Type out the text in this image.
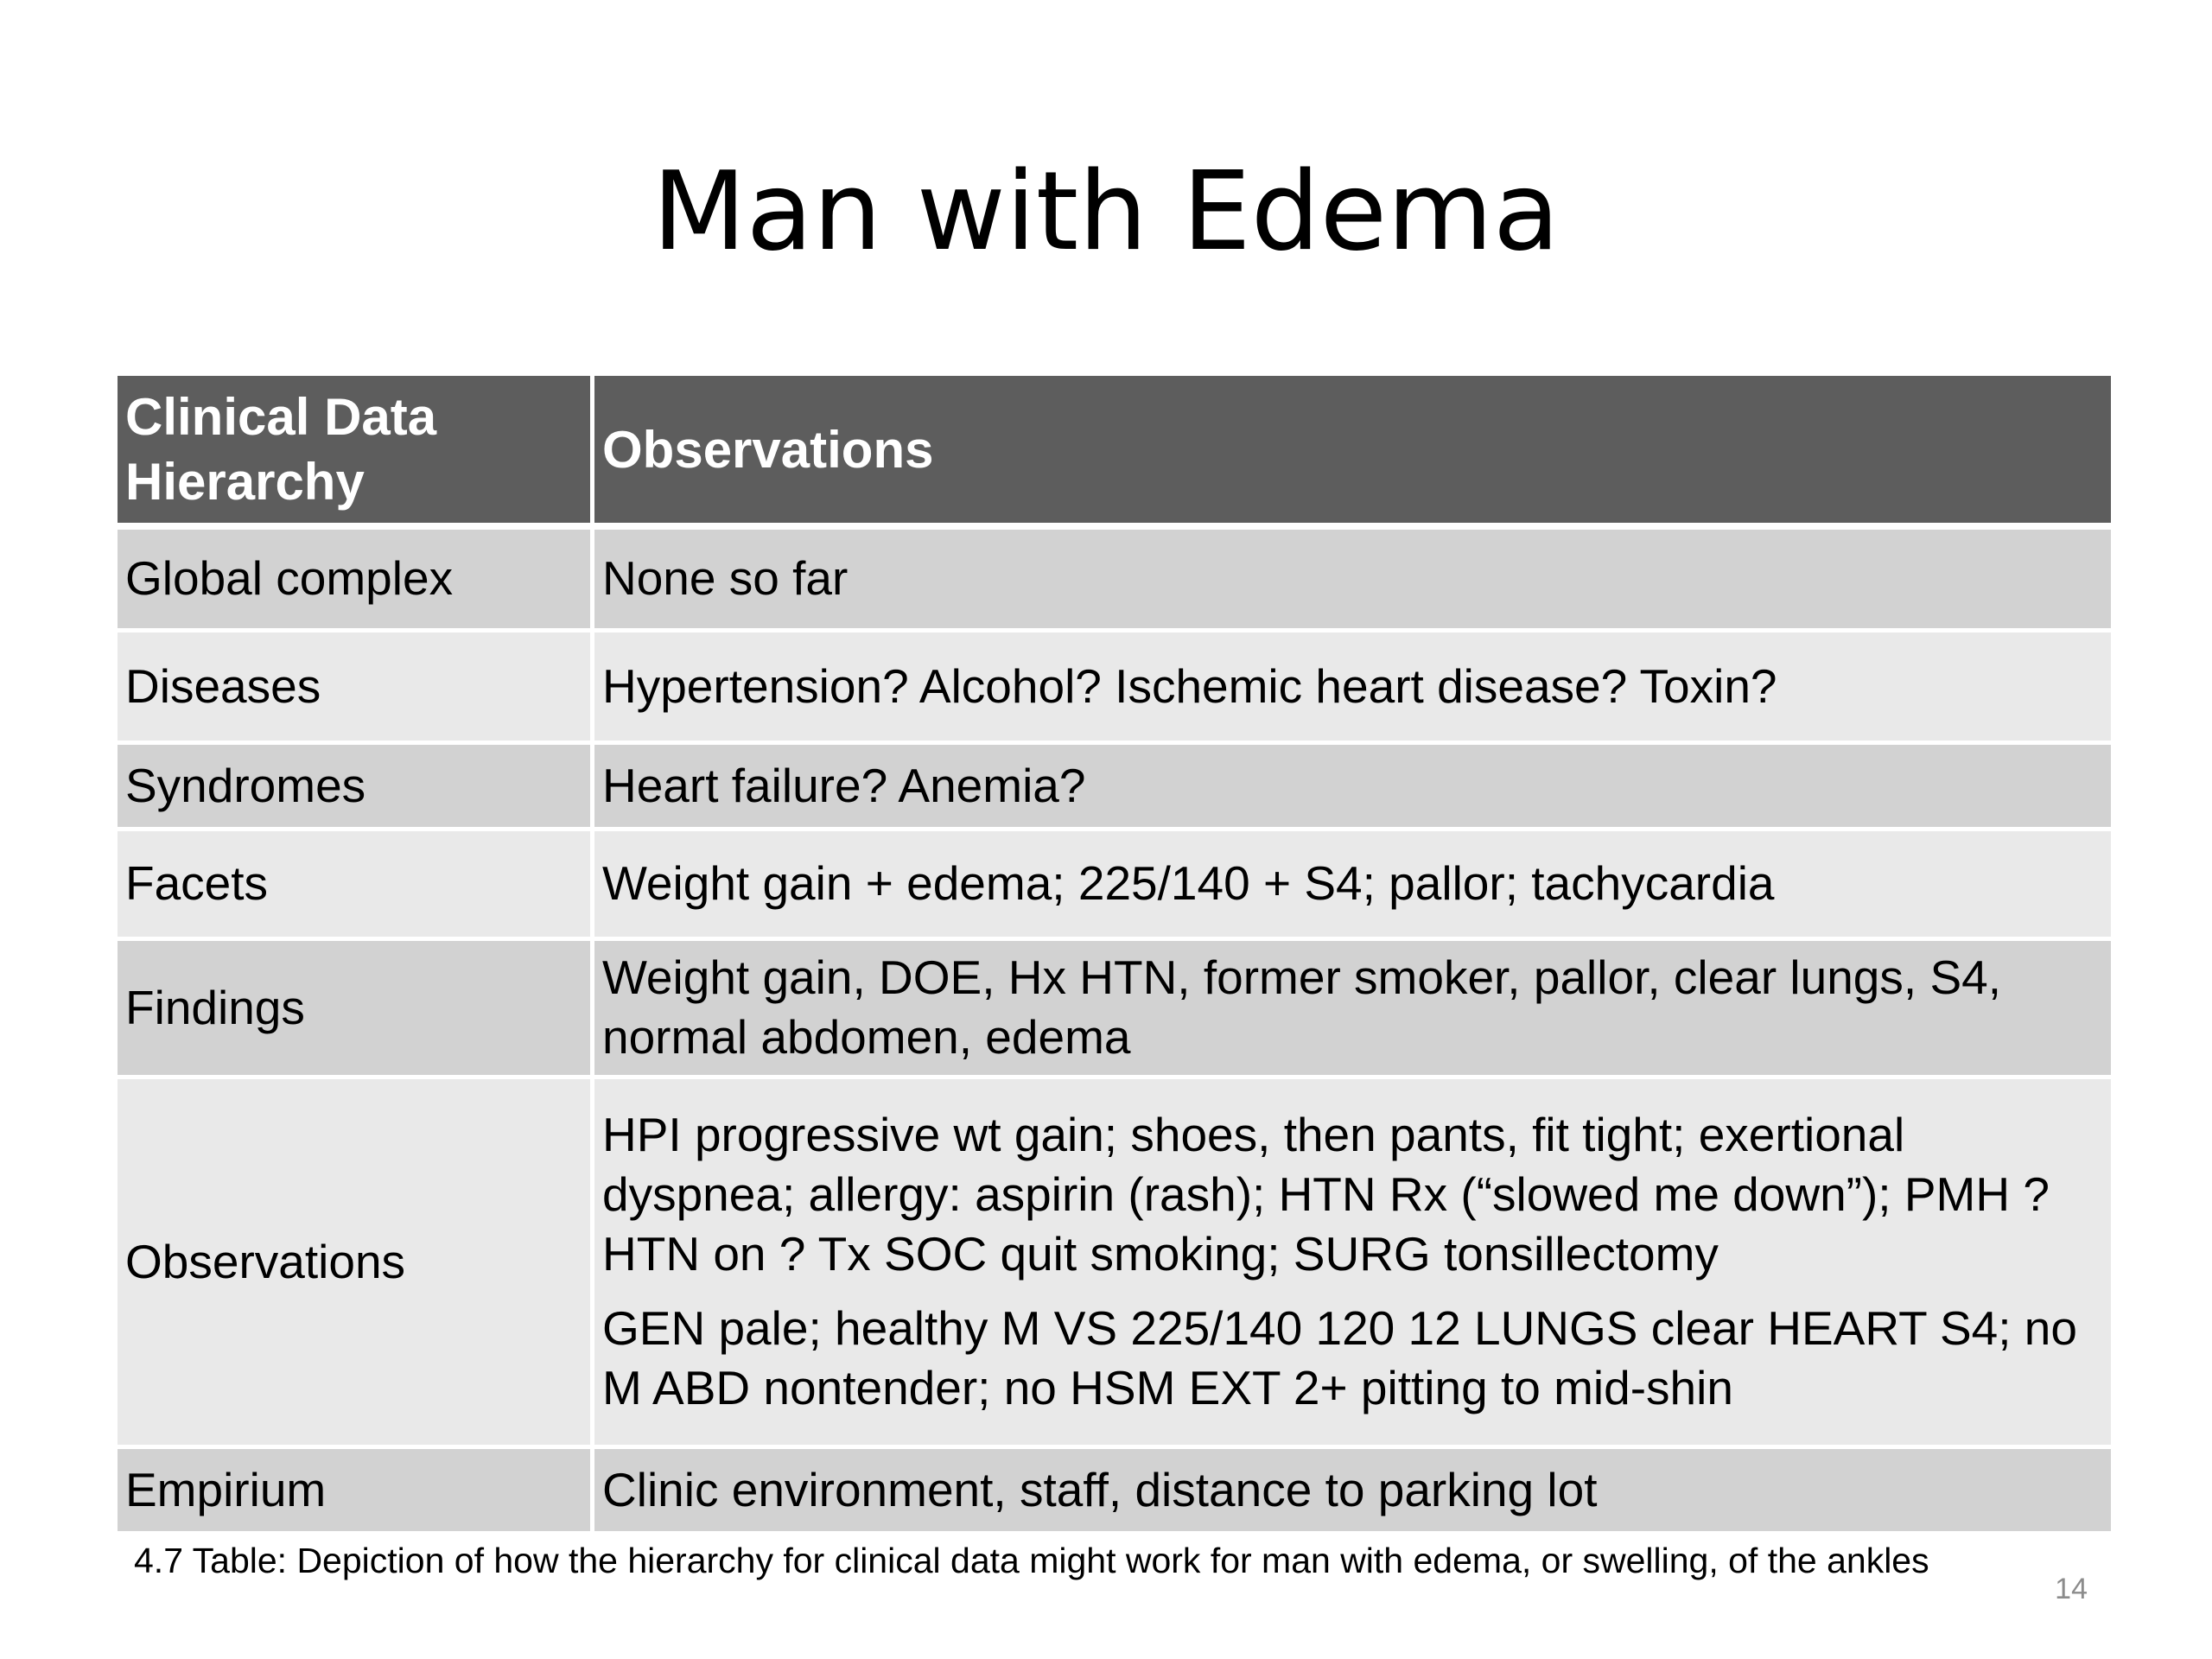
Man with Edema
Clinical Data Hierarchy	Observations
Global complex	None so far
Diseases	Hypertension? Alcohol? Ischemic heart disease? Toxin?
Syndromes	Heart failure? Anemia?
Facets	Weight gain + edema; 225/140 + S4; pallor; tachycardia
Findings	Weight gain, DOE, Hx HTN, former smoker, pallor, clear lungs, S4, normal abdomen, edema
Observations	HPI progressive wt gain; shoes, then pants, fit tight; exertional dyspnea; allergy: aspirin (rash); HTN Rx (“slowed me down”); PMH ? HTN on ? Tx SOC quit smoking; SURG tonsillectomy
GEN pale; healthy M VS 225/140 120 12 LUNGS clear HEART S4; no M ABD nontender; no HSM EXT 2+ pitting to mid-shin
Empirium	Clinic environment, staff, distance to parking lot
4.7 Table: Depiction of how the hierarchy for clinical data might work for man with edema, or swelling, of the ankles
14
